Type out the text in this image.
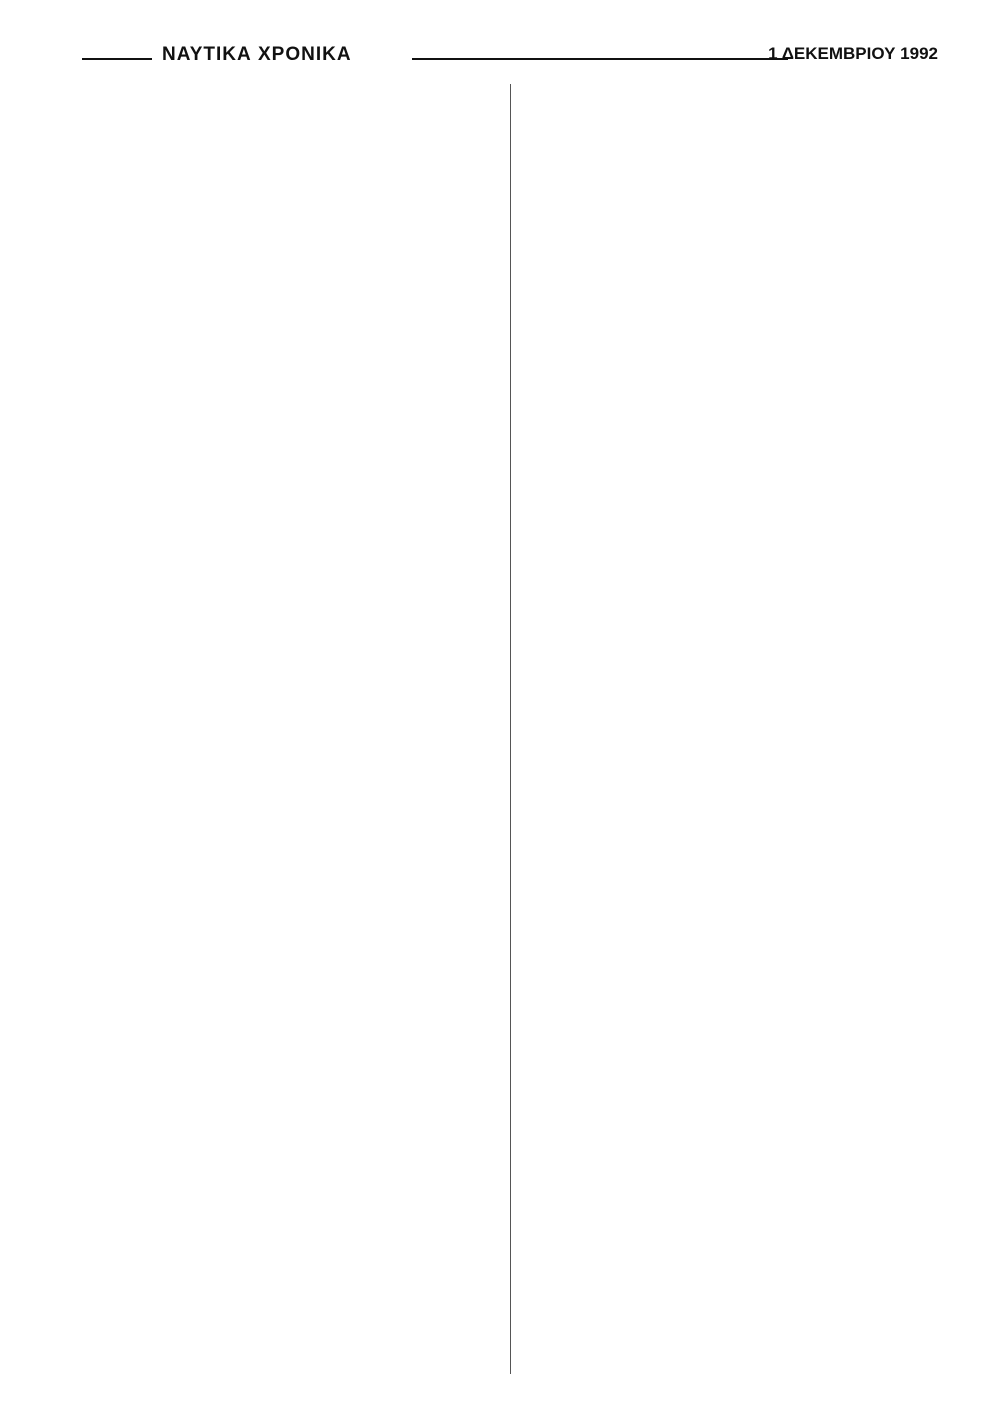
ΝΑΥΤΙΚΑ ΧΡΟΝΙΚΑ	1 ΔΕΚΕΜΒΡΙΟΥ 1992
